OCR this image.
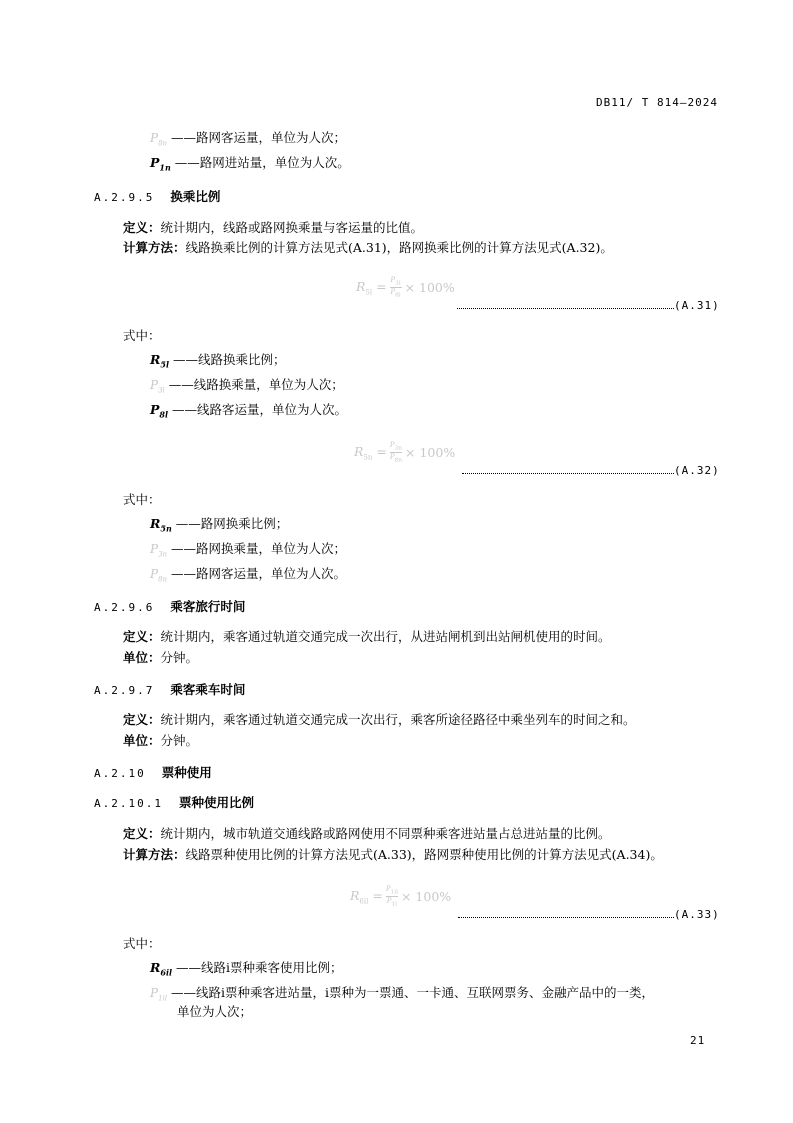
DB11/ T 814—2024
$P_{8n}$ ——路网客运量，单位为人次；
$P_{1n}$ ——路网进站量，单位为人次。
A.2.9.5 换乘比例
定义：统计期内，线路或路网换乘量与客运量的比值。
计算方法：线路换乘比例的计算方法见式(A.31)，路网换乘比例的计算方法见式(A.32)。
$R_{5l} = \frac{P_{3l}}{P_{8l}} \times 100\%$
(A.31)
式中：
$R_{5l}$ ——线路换乘比例；
$P_{3l}$ ——线路换乘量，单位为人次；
$P_{8l}$ ——线路客运量，单位为人次。
$R_{5n} = \frac{P_{3n}}{P_{8n}} \times 100\%$
(A.32)
式中：
$R_{5n}$ ——路网换乘比例；
$P_{3n}$ ——路网换乘量，单位为人次；
$P_{8n}$ ——路网客运量，单位为人次。
A.2.9.6 乘客旅行时间
定义：统计期内，乘客通过轨道交通完成一次出行，从进站闸机到出站闸机使用的时间。
单位：分钟。
A.2.9.7 乘客乘车时间
定义：统计期内，乘客通过轨道交通完成一次出行，乘客所途径路径中乘坐列车的时间之和。
单位：分钟。
A.2.10 票种使用
A.2.10.1 票种使用比例
定义：统计期内，城市轨道交通线路或路网使用不同票种乘客进站量占总进站量的比例。
计算方法：线路票种使用比例的计算方法见式(A.33)，路网票种使用比例的计算方法见式(A.34)。
$R_{6il} = \frac{P_{1il}}{P_{1l}} \times 100\%$
(A.33)
式中：
$R_{6il}$ ——线路i票种乘客使用比例；
$P_{1il}$ ——线路i票种乘客进站量，i票种为一票通、一卡通、互联网票务、金融产品中的一类，
单位为人次；
21
